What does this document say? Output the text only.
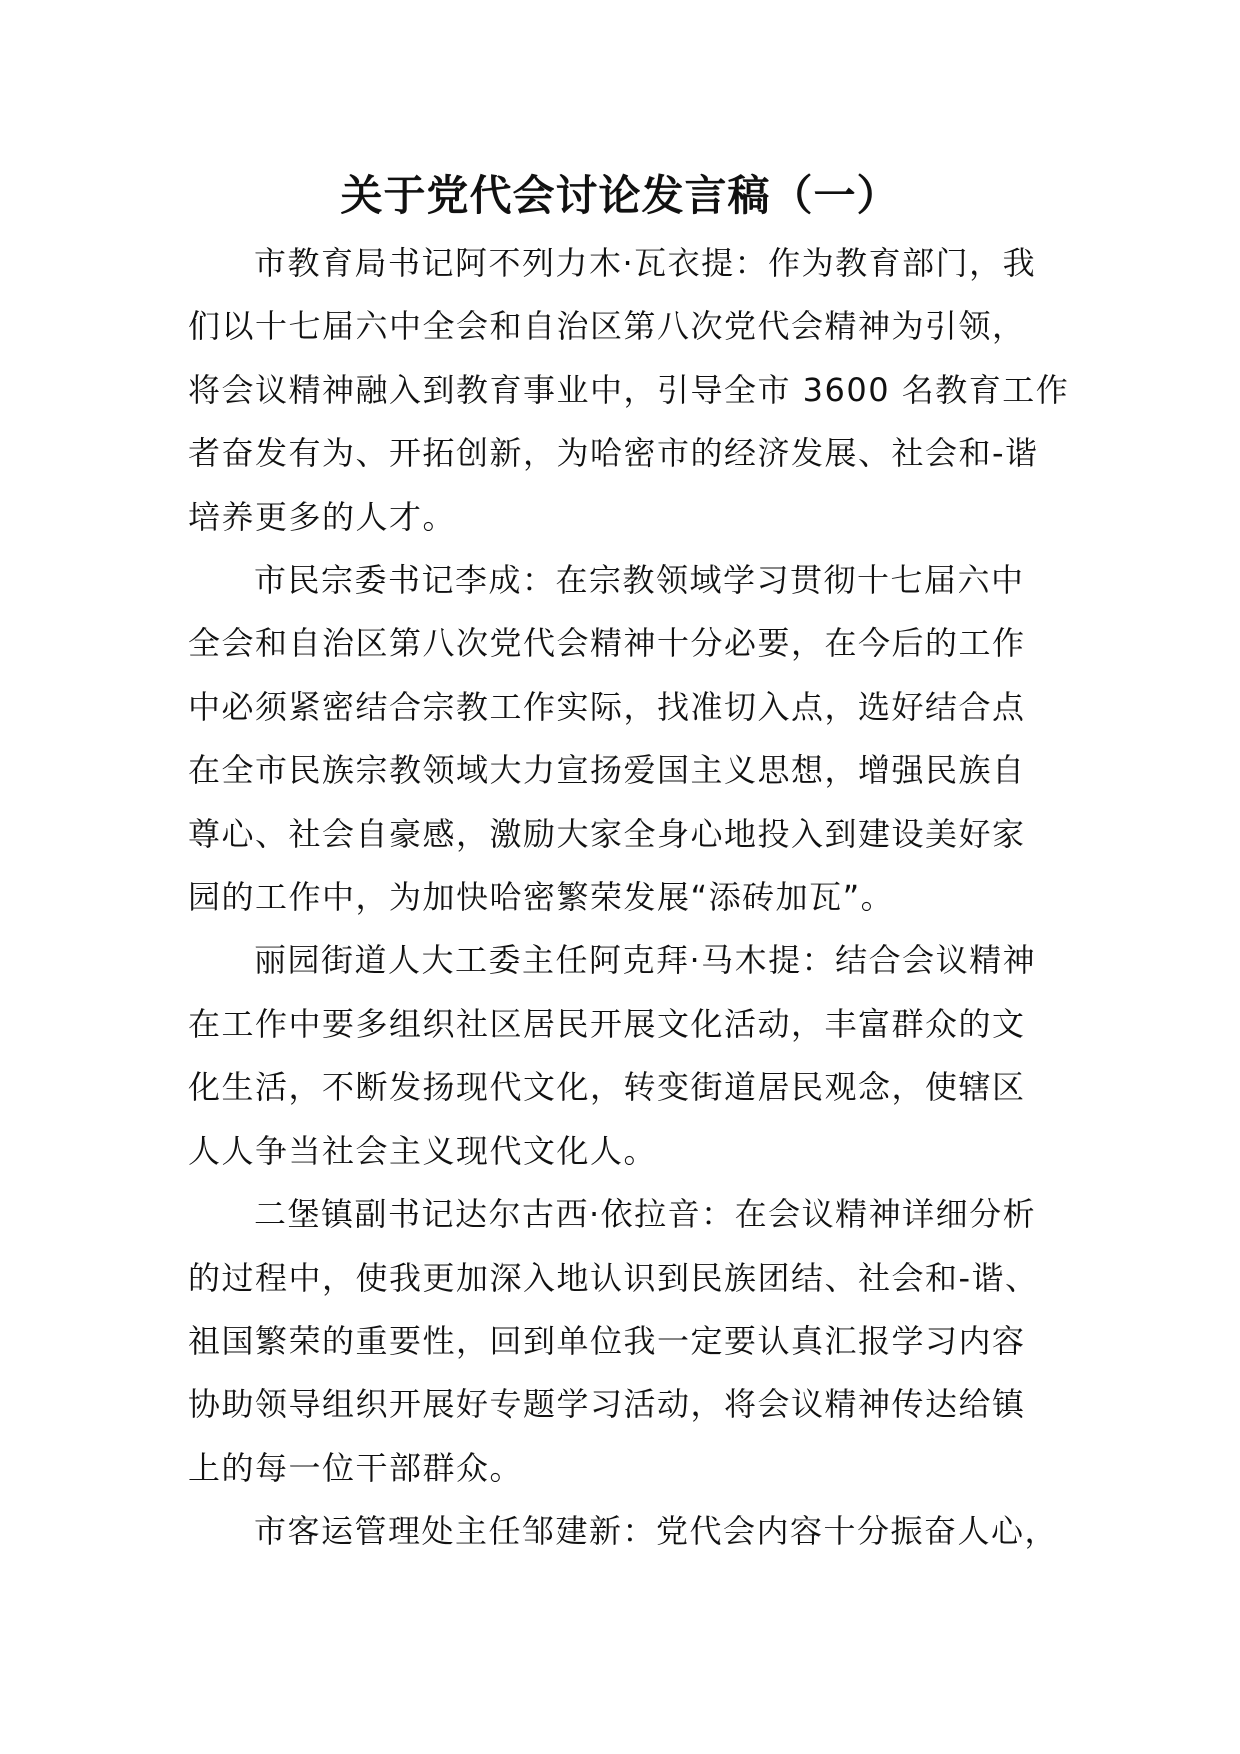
关于党代会讨论发言稿（一）

市教育局书记阿不列力木·瓦衣提：作为教育部门，我
们以十七届六中全会和自治区第八次党代会精神为引领，
将会议精神融入到教育事业中，引导全市 3600 名教育工作
者奋发有为、开拓创新，为哈密市的经济发展、社会和-谐
培养更多的人才。

市民宗委书记李成：在宗教领域学习贯彻十七届六中
全会和自治区第八次党代会精神十分必要，在今后的工作
中必须紧密结合宗教工作实际，找准切入点，选好结合点
在全市民族宗教领域大力宣扬爱国主义思想，增强民族自
尊心、社会自豪感，激励大家全身心地投入到建设美好家
园的工作中，为加快哈密繁荣发展“添砖加瓦”。

丽园街道人大工委主任阿克拜·马木提：结合会议精神
在工作中要多组织社区居民开展文化活动，丰富群众的文
化生活，不断发扬现代文化，转变街道居民观念，使辖区
人人争当社会主义现代文化人。

二堡镇副书记达尔古西·依拉音：在会议精神详细分析
的过程中，使我更加深入地认识到民族团结、社会和-谐、
祖国繁荣的重要性，回到单位我一定要认真汇报学习内容
协助领导组织开展好专题学习活动，将会议精神传达给镇
上的每一位干部群众。

市客运管理处主任邹建新：党代会内容十分振奋人心，
